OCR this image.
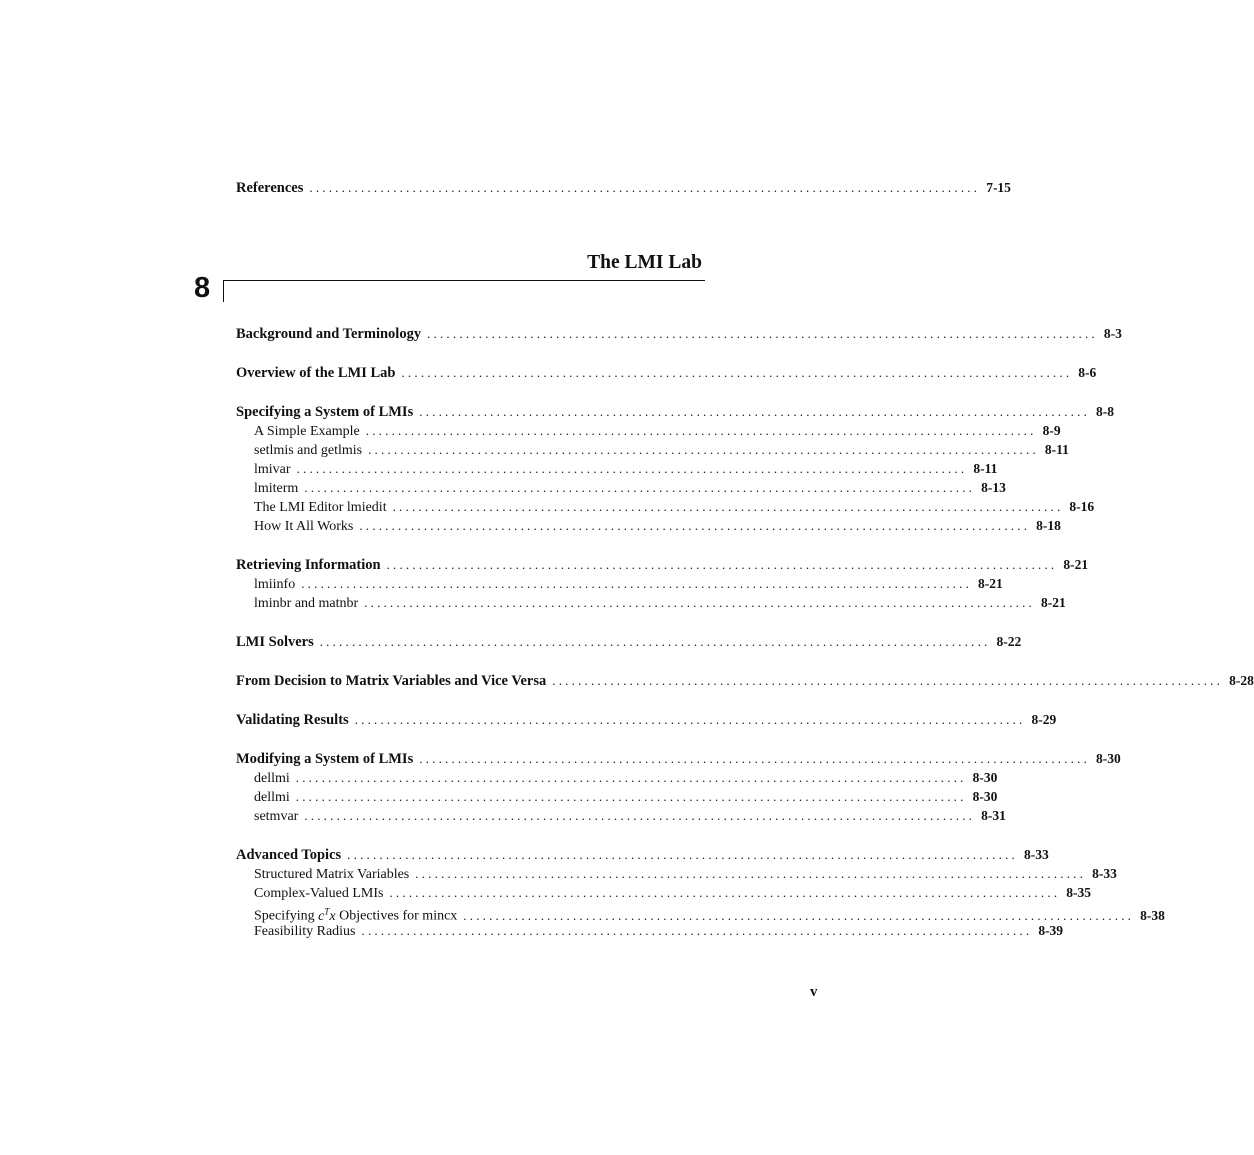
References ........................................................................................................ 7-15
The LMI Lab
8
Background and Terminology ........................................................................................................ 8-3
Overview of the LMI Lab ........................................................................................................ 8-6
Specifying a System of LMIs ........................................................................................................ 8-8
A Simple Example ........................................................................................................ 8-9
setlmis and getlmis ........................................................................................................ 8-11
lmivar ........................................................................................................ 8-11
lmiterm ........................................................................................................ 8-13
The LMI Editor lmiedit ........................................................................................................ 8-16
How It All Works ........................................................................................................ 8-18
Retrieving Information ........................................................................................................ 8-21
lmiinfo ........................................................................................................ 8-21
lminbr and matnbr ........................................................................................................ 8-21
LMI Solvers ........................................................................................................ 8-22
From Decision to Matrix Variables and Vice Versa ........................................................................................................ 8-28
Validating Results ........................................................................................................ 8-29
Modifying a System of LMIs ........................................................................................................ 8-30
dellmi ........................................................................................................ 8-30
dellmi ........................................................................................................ 8-30
setmvar ........................................................................................................ 8-31
Advanced Topics ........................................................................................................ 8-33
Structured Matrix Variables ........................................................................................................ 8-33
Complex-Valued LMIs ........................................................................................................ 8-35
Specifying $c^Tx$ Objectives for mincx ........................................................................................................ 8-38
Feasibility Radius ........................................................................................................ 8-39
v
